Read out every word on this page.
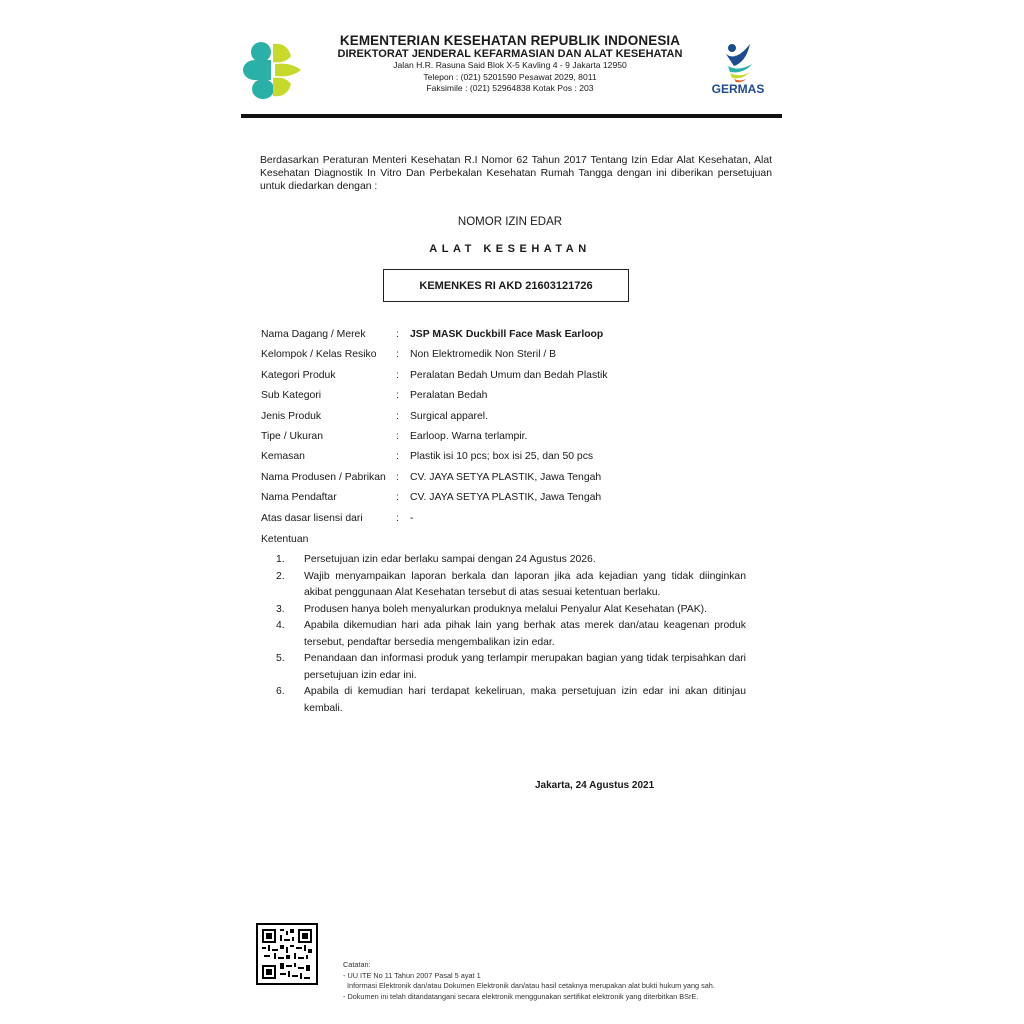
KEMENTERIAN KESEHATAN REPUBLIK INDONESIA
DIREKTORAT JENDERAL KEFARMASIAN DAN ALAT KESEHATAN
Jalan H.R. Rasuna Said Blok X-5 Kavling 4 - 9 Jakarta 12950
Telepon : (021) 5201590 Pesawat 2029, 8011
Faksimile : (021) 52964838 Kotak Pos : 203	GERMAS
Berdasarkan Peraturan Menteri Kesehatan R.I Nomor 62 Tahun 2017 Tentang Izin Edar Alat Kesehatan, Alat Kesehatan Diagnostik In Vitro Dan Perbekalan Kesehatan Rumah Tangga dengan ini diberikan persetujuan untuk diedarkan dengan :
NOMOR IZIN EDAR
ALAT KESEHATAN
KEMENKES RI AKD 21603121726
Nama Dagang / Merek	: JSP MASK Duckbill Face Mask Earloop
Kelompok / Kelas Resiko : Non Elektromedik Non Steril / B
Kategori Produk	: Peralatan Bedah Umum dan Bedah Plastik
Sub Kategori	: Peralatan Bedah
Jenis Produk	: Surgical apparel.
Tipe / Ukuran	: Earloop. Warna terlampir.
Kemasan	: Plastik isi 10 pcs; box isi 25, dan 50 pcs
Nama Produsen / Pabrikan : CV. JAYA SETYA PLASTIK, Jawa Tengah
Nama Pendaftar	: CV. JAYA SETYA PLASTIK, Jawa Tengah
Atas dasar lisensi dari	: -
Ketentuan
1. Persetujuan izin edar berlaku sampai dengan 24 Agustus 2026.
2. Wajib menyampaikan laporan berkala dan laporan jika ada kejadian yang tidak diinginkan akibat penggunaan Alat Kesehatan tersebut di atas sesuai ketentuan berlaku.
3. Produsen hanya boleh menyalurkan produknya melalui Penyalur Alat Kesehatan (PAK).
4. Apabila dikemudian hari ada pihak lain yang berhak atas merek dan/atau keagenan produk tersebut, pendaftar bersedia mengembalikan izin edar.
5. Penandaan dan informasi produk yang terlampir merupakan bagian yang tidak terpisahkan dari persetujuan izin edar ini.
6. Apabila di kemudian hari terdapat kekeliruan, maka persetujuan izin edar ini akan ditinjau kembali.
Jakarta, 24 Agustus 2021
Catatan:
- UU ITE No 11 Tahun 2007 Pasal 5 ayat 1
Informasi Elektronik dan/atau Dokumen Elektronik dan/atau hasil cetaknya merupakan alat bukti hukum yang sah.
- Dokumen ini telah ditandatangani secara elektronik menggunakan sertifikat elektronik yang diterbitkan BSrE.
